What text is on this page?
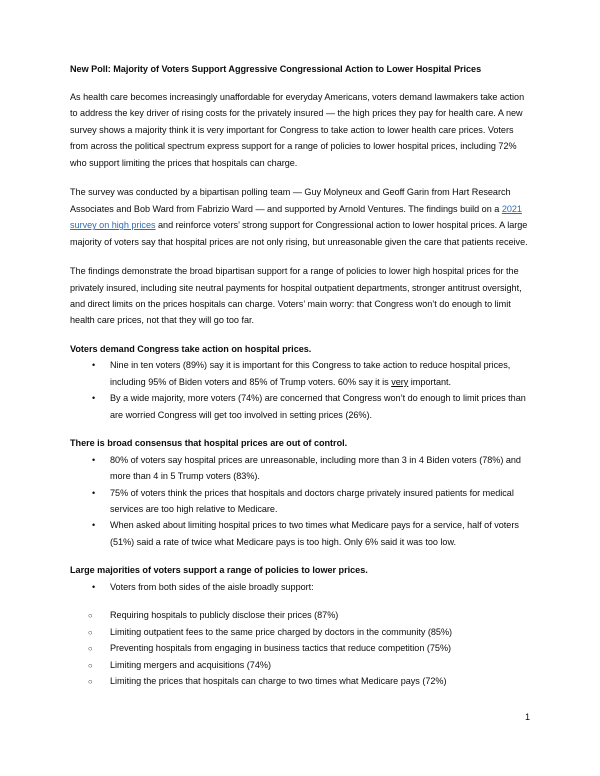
New Poll: Majority of Voters Support Aggressive Congressional Action to Lower Hospital Prices

As health care becomes increasingly unaffordable for everyday Americans, voters demand lawmakers take action to address the key driver of rising costs for the privately insured — the high prices they pay for health care. A new survey shows a majority think it is very important for Congress to take action to lower health care prices. Voters from across the political spectrum express support for a range of policies to lower hospital prices, including 72% who support limiting the prices that hospitals can charge.

The survey was conducted by a bipartisan polling team — Guy Molyneux and Geoff Garin from Hart Research Associates and Bob Ward from Fabrizio Ward — and supported by Arnold Ventures. The findings build on a 2021 survey on high prices and reinforce voters’ strong support for Congressional action to lower hospital prices. A large majority of voters say that hospital prices are not only rising, but unreasonable given the care that patients receive.

The findings demonstrate the broad bipartisan support for a range of policies to lower high hospital prices for the privately insured, including site neutral payments for hospital outpatient departments, stronger antitrust oversight, and direct limits on the prices hospitals can charge. Voters’ main worry: that Congress won’t do enough to limit health care prices, not that they will go too far.

Voters demand Congress take action on hospital prices.
• Nine in ten voters (89%) say it is important for this Congress to take action to reduce hospital prices, including 95% of Biden voters and 85% of Trump voters. 60% say it is very important.
• By a wide majority, more voters (74%) are concerned that Congress won’t do enough to limit prices than are worried Congress will get too involved in setting prices (26%).
There is broad consensus that hospital prices are out of control.
• 80% of voters say hospital prices are unreasonable, including more than 3 in 4 Biden voters (78%) and more than 4 in 5 Trump voters (83%).
• 75% of voters think the prices that hospitals and doctors charge privately insured patients for medical services are too high relative to Medicare.
• When asked about limiting hospital prices to two times what Medicare pays for a service, half of voters (51%) said a rate of twice what Medicare pays is too high. Only 6% said it was too low.
Large majorities of voters support a range of policies to lower prices.
• Voters from both sides of the aisle broadly support:
○ Requiring hospitals to publicly disclose their prices (87%)
○ Limiting outpatient fees to the same price charged by doctors in the community (85%)
○ Preventing hospitals from engaging in business tactics that reduce competition (75%)
○ Limiting mergers and acquisitions (74%)
○ Limiting the prices that hospitals can charge to two times what Medicare pays (72%)
1
